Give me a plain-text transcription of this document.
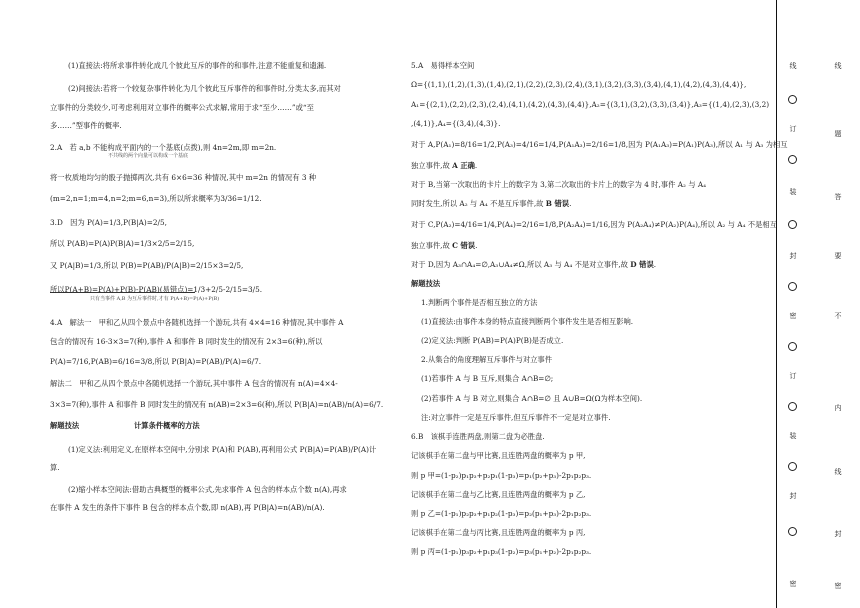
(1)直接法:将所求事件转化成几个彼此互斥的事件的和事件,注意不能重复和遗漏.
(2)间接法:若将一个较复杂事件转化为几个彼此互斥事件的和事件时,分类太多,而其对
立事件的分类较少,可考虑利用对立事件的概率公式求解,常用于求“至少……”或“至
多……”型事件的概率.
2.A　若 a,b 不能构成平面内的一个基底(点拨),则 4n=2m,即 m=2n.
不共线的两个向量可以构成一个基底
将一枚质地均匀的骰子抛掷两次,共有 6×6=36 种情况,其中 m=2n 的情况有 3 种
(m=2,n=1;m=4,n=2;m=6,n=3),所以所求概率为3/36=1/12.
3.D　因为 P(A)=1/3,P(B|A)=2/5,
所以 P(AB)=P(A)P(B|A)=1/3×2/5=2/15,
又 P(A|B)=1/3,所以 P(B)=P(AB)/P(A|B)=2/15×3=2/5,
所以P(A+B)=P(A)+P(B)-P(AB)(易错点)=1/3+2/5-2/15=3/5.
只有当事件 A,B 为互斥事件时,才有 P(A+B)=P(A)+P(B)
4.A　解法一　甲和乙从四个景点中各随机选择一个游玩,共有 4×4=16 种情况,其中事件 A
包含的情况有 16-3×3=7(种),事件 A 和事件 B 同时发生的情况有 2×3=6(种),所以
P(A)=7/16,P(AB)=6/16=3/8,所以 P(B|A)=P(AB)/P(A)=6/7.
解法二　甲和乙从四个景点中各随机选择一个游玩,其中事件 A 包含的情况有 n(A)=4×4-
3×3=7(种),事件 A 和事件 B 同时发生的情况有 n(AB)=2×3=6(种),所以 P(B|A)=n(AB)/n(A)=6/7.
解题技法	计算条件概率的方法
(1)定义法:利用定义,在原样本空间中,分别求 P(A)和 P(AB),再利用公式 P(B|A)=P(AB)/P(A)计
算.
(2)缩小样本空间法:借助古典概型的概率公式,先求事件 A 包含的样本点个数 n(A),再求
在事件 A 发生的条件下事件 B 包含的样本点个数,即 n(AB),再 P(B|A)=n(AB)/n(A).
5.A　易得样本空间
Ω={(1,1),(1,2),(1,3),(1,4),(2,1),(2,2),(2,3),(2,4),(3,1),(3,2),(3,3),(3,4),(4,1),(4,2),(4,3),(4,4)},
A₁={(2,1),(2,2),(2,3),(2,4),(4,1),(4,2),(4,3),(4,4)},A₂={(3,1),(3,2),(3,3),(3,4)},A₃={(1,4),(2,3),(3,2)
,(4,1)},A₄={(3,4),(4,3)}.
对于 A,P(A₁)=8/16=1/2,P(A₃)=4/16=1/4,P(A₁A₃)=2/16=1/8,因为 P(A₁A₃)=P(A₁)P(A₃),所以 A₁ 与 A₃ 为相互
独立事件,故 A 正确.
对于 B,当第一次取出的卡片上的数字为 3,第二次取出的卡片上的数字为 4 时,事件 A₂ 与 A₄
同时发生,所以 A₂ 与 A₄ 不是互斥事件,故 B 错误.
对于 C,P(A₂)=4/16=1/4,P(A₄)=2/16=1/8,P(A₂A₄)=1/16,因为 P(A₂A₄)≠P(A₂)P(A₄),所以 A₂ 与 A₄ 不是相互
独立事件,故 C 错误.
对于 D,因为 A₃∩A₄=∅,A₃∪A₄≠Ω,所以 A₃ 与 A₄ 不是对立事件,故 D 错误.
解题技法
1.判断两个事件是否相互独立的方法
(1)直接法:由事件本身的特点直接判断两个事件发生是否相互影响.
(2)定义法:判断 P(AB)=P(A)P(B)是否成立.
2.从集合的角度理解互斥事件与对立事件
(1)若事件 A 与 B 互斥,则集合 A∩B=∅;
(2)若事件 A 与 B 对立,则集合 A∩B=∅ 且 A∪B=Ω(Ω为样本空间).
注:对立事件一定是互斥事件,但互斥事件不一定是对立事件.
6.B　该棋手连胜两盘,则第二盘为必胜盘.
记该棋手在第二盘与甲比赛,且连胜两盘的概率为 p 甲,
则 p 甲=(1-p₂)p₁p₃+p₂p₁(1-p₃)=p₁(p₂+p₃)-2p₁p₂p₃.
记该棋手在第二盘与乙比赛,且连胜两盘的概率为 p 乙,
则 p 乙=(1-p₁)p₂p₃+p₁p₂(1-p₃)=p₂(p₁+p₃)-2p₁p₂p₃.
记该棋手在第二盘与丙比赛,且连胜两盘的概率为 p 丙,
则 p 丙=(1-p₁)p₃p₂+p₁p₃(1-p₂)=p₃(p₁+p₂)-2p₁p₂p₃.
线
题
答
要
不
内
线
封
密
线
订
装
封
密
订
装
封
密
